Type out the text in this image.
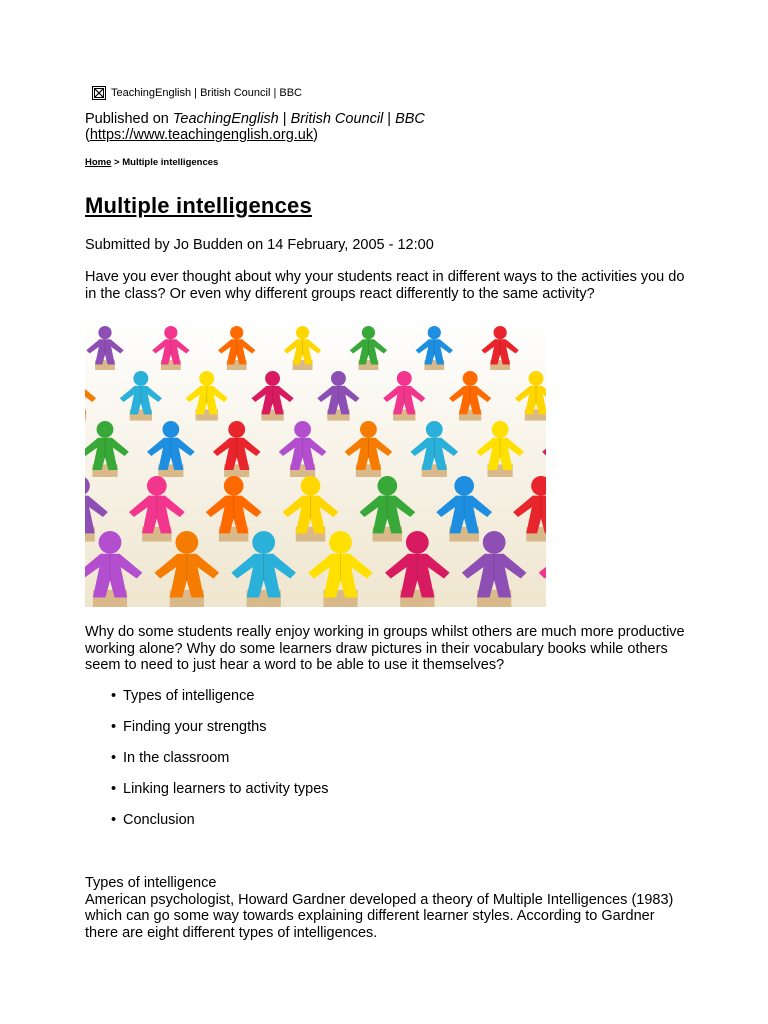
TeachingEnglish | British Council | BBC
Published on TeachingEnglish | British Council | BBC
(https://www.teachingenglish.org.uk)
Home > Multiple intelligences
Multiple intelligences
Submitted by Jo Budden on 14 February, 2005 - 12:00

Have you ever thought about why your students react in different ways to the activities you do in the class? Or even why different groups react differently to the same activity?

Why do some students really enjoy working in groups whilst others are much more productive working alone? Why do some learners draw pictures in their vocabulary books while others seem to need to just hear a word to be able to use it themselves?

• Types of intelligence
• Finding your strengths
• In the classroom
• Linking learners to activity types
• Conclusion
Types of intelligence
American psychologist, Howard Gardner developed a theory of Multiple Intelligences (1983) which can go some way towards explaining different learner styles. According to Gardner there are eight different types of intelligences.
